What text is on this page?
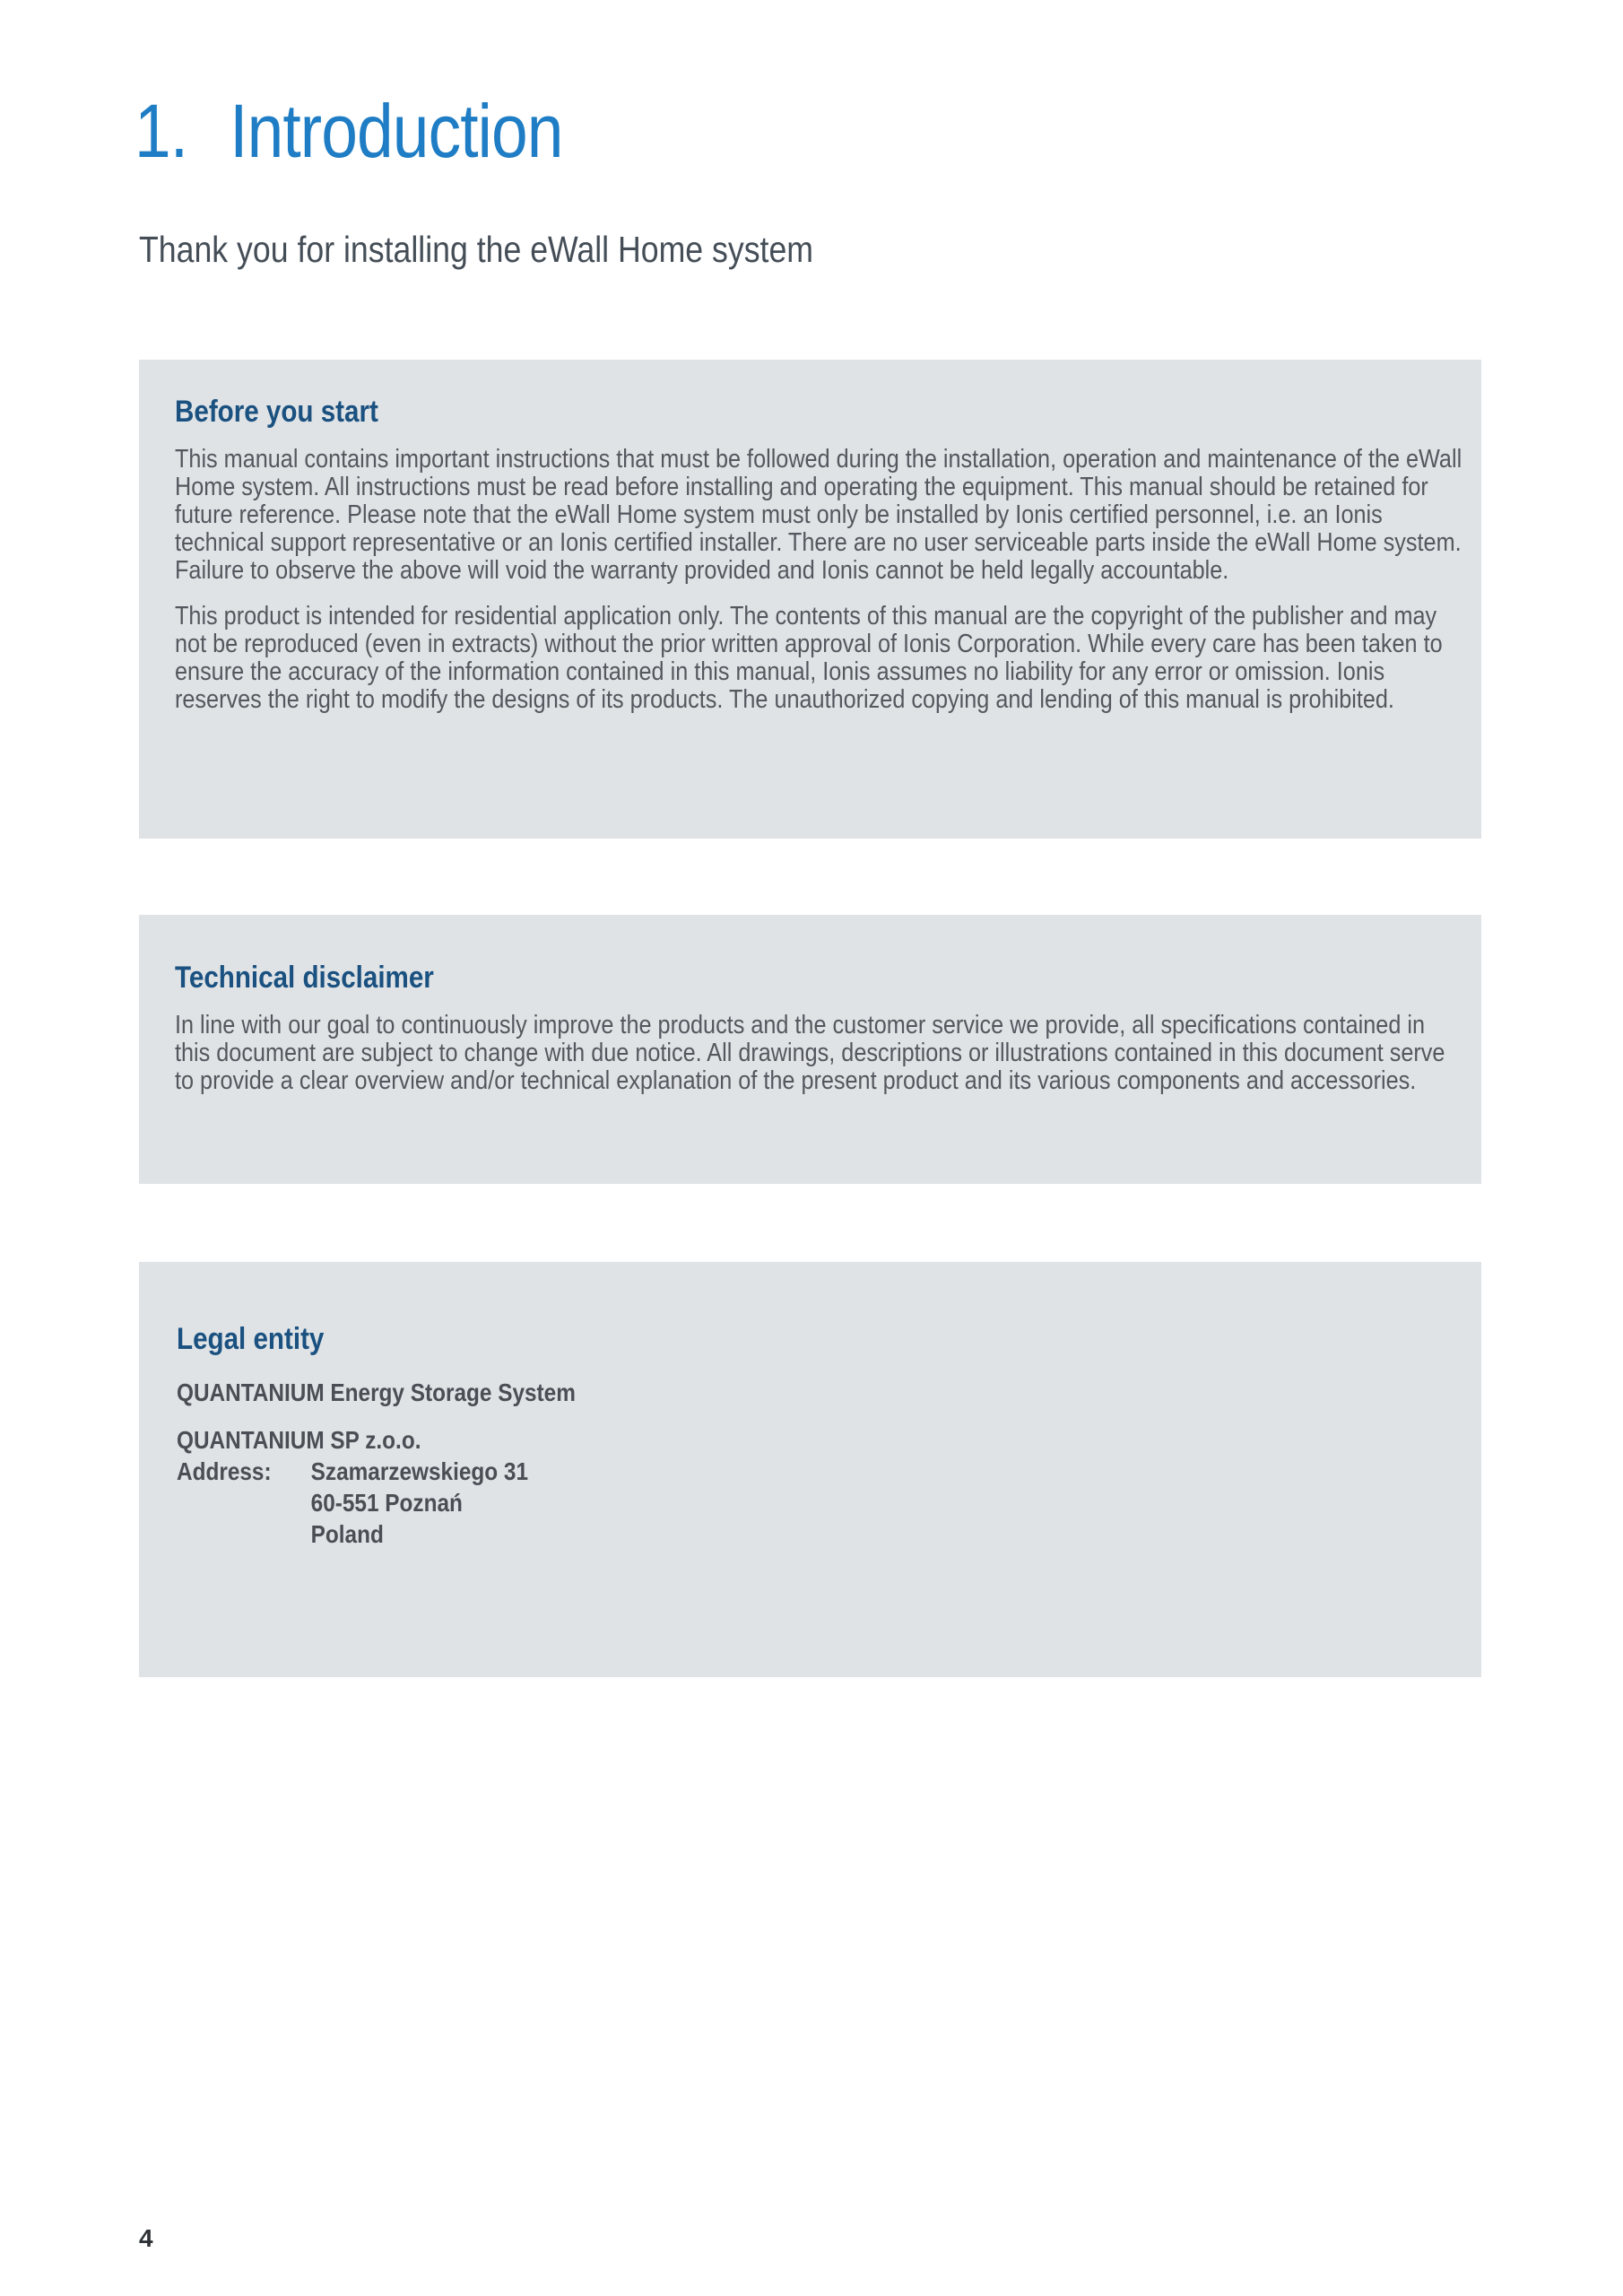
1. Introduction
Thank you for installing the eWall Home system
Before you start

This manual contains important instructions that must be followed during the installation, operation and maintenance of the eWall Home system. All instructions must be read before installing and operating the equipment. This manual should be retained for future reference. Please note that the eWall Home system must only be installed by Ionis certified personnel, i.e. an Ionis technical support representative or an Ionis certified installer. There are no user serviceable parts inside the eWall Home system. Failure to observe the above will void the warranty provided and Ionis cannot be held legally accountable.

This product is intended for residential application only. The contents of this manual are the copyright of the publisher and may not be reproduced (even in extracts) without the prior written approval of Ionis Corporation. While every care has been taken to ensure the accuracy of the information contained in this manual, Ionis assumes no liability for any error or omission. Ionis reserves the right to modify the designs of its products. The unauthorized copying and lending of this manual is prohibited.

Technical disclaimer

In line with our goal to continuously improve the products and the customer service we provide, all specifications contained in this document are subject to change with due notice. All drawings, descriptions or illustrations contained in this document serve to provide a clear overview and/or technical explanation of the present product and its various components and accessories.

Legal entity
QUANTANIUM Energy Storage System
QUANTANIUM SP z.o.o.
Address:	Szamarzewskiego 31
60-551 Poznań
Poland
4
